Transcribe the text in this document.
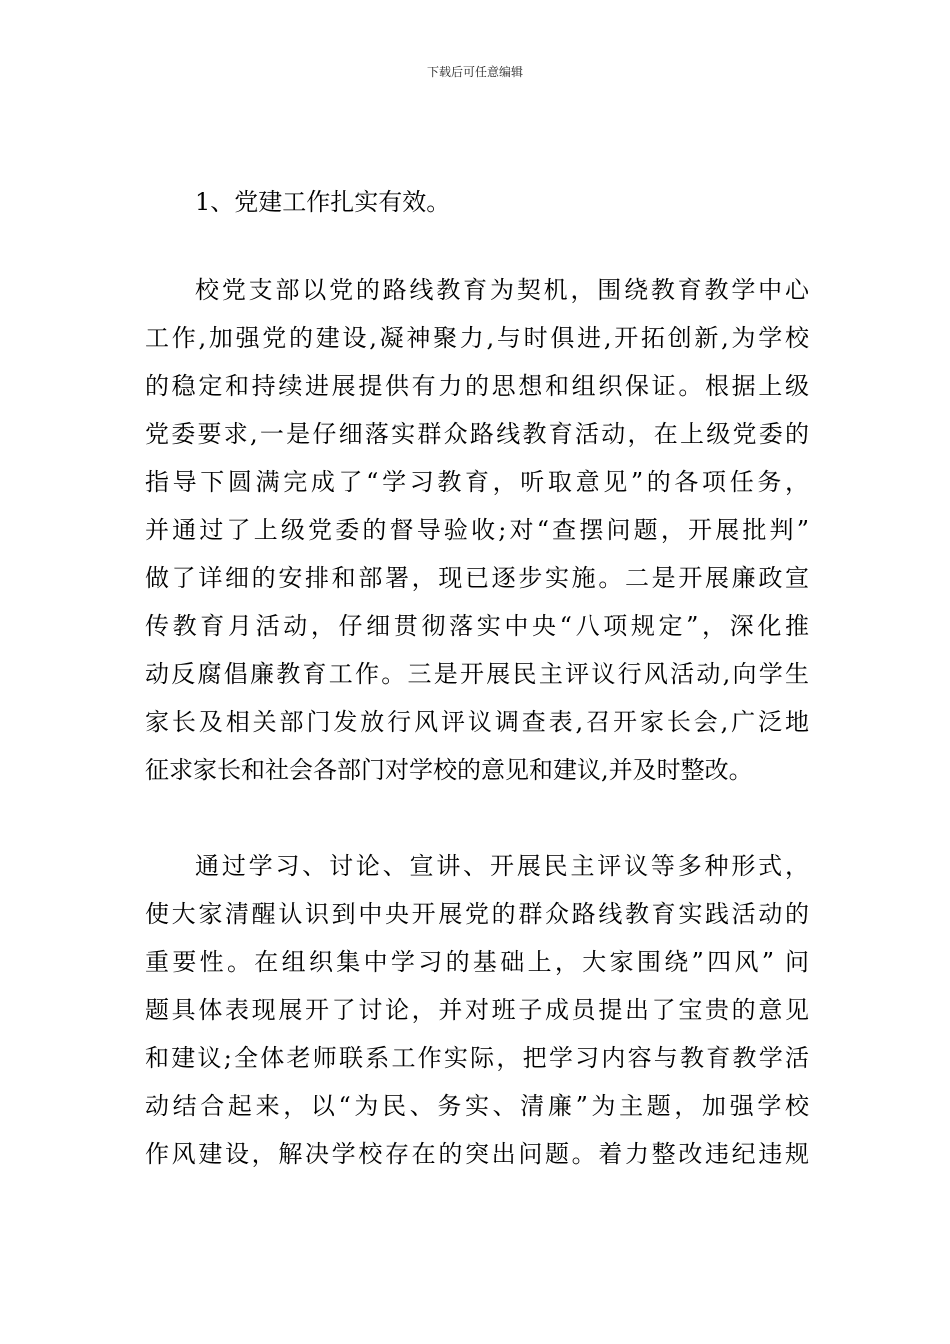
下载后可任意编辑
1、党建工作扎实有效。
校党支部以党的路线教育为契机，围绕教育教学中心
工作,加强党的建设,凝神聚力,与时俱进,开拓创新,为学校
的稳定和持续进展提供有力的思想和组织保证。根据上级
党委要求,一是仔细落实群众路线教育活动，在上级党委的
指导下圆满完成了“学习教育，听取意见”的各项任务，
并通过了上级党委的督导验收;对“查摆问题，开展批判”
做了详细的安排和部署，现已逐步实施。二是开展廉政宣
传教育月活动，仔细贯彻落实中央“八项规定”，深化推
动反腐倡廉教育工作。三是开展民主评议行风活动,向学生
家长及相关部门发放行风评议调查表,召开家长会,广泛地
征求家长和社会各部门对学校的意见和建议,并及时整改。
通过学习、讨论、宣讲、开展民主评议等多种形式，
使大家清醒认识到中央开展党的群众路线教育实践活动的
重要性。在组织集中学习的基础上，大家围绕”四风” 问
题具体表现展开了讨论，并对班子成员提出了宝贵的意见
和建议;全体老师联系工作实际，把学习内容与教育教学活
动结合起来，以“为民、务实、清廉”为主题，加强学校
作风建设，解决学校存在的突出问题。着力整改违纪违规
